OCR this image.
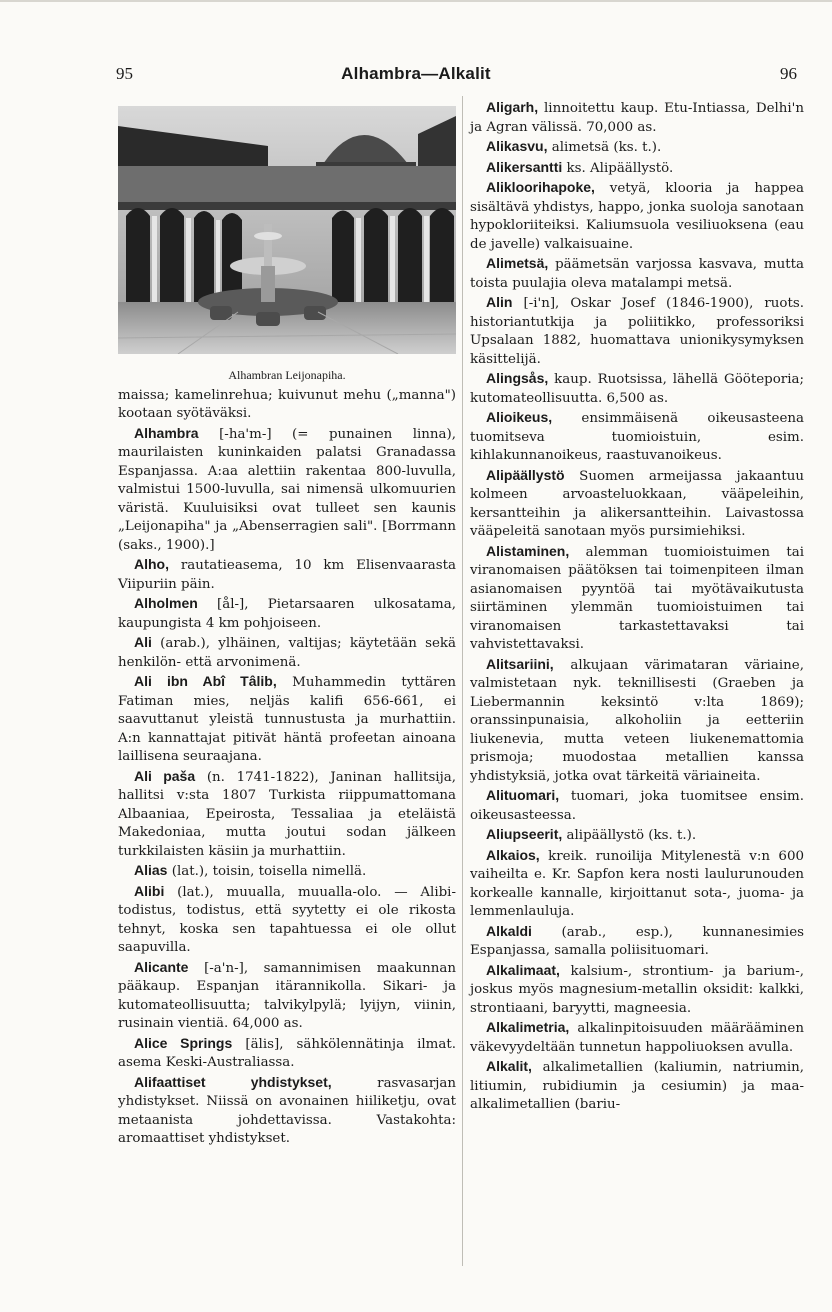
95	Alhambra—Alkalit	96
Alhambran Leijonapiha.

maissa; kamelinrehua; kuivunut mehu („manna") kootaan syötäväksi.

Alhambra [-ha'm-] (= punainen linna), maurilaisten kuninkaiden palatsi Granadassa Espanjassa. A:aa alettiin rakentaa 800-luvulla, valmistui 1500-luvulla, sai nimensä ulkomuurien väristä. Kuuluisiksi ovat tulleet sen kaunis „Leijonapiha" ja „Abenserragien sali". [Borrmann (saks., 1900).]

Alho, rautatieasema, 10 km Elisenvaarasta Viipuriin päin.

Alholmen [ål-], Pietarsaaren ulkosatama, kaupungista 4 km pohjoiseen.

Ali (arab.), ylhäinen, valtijas; käytetään sekä henkilön- että arvonimenä.

Ali ibn Abî Tâlib, Muhammedin tyttären Fatiman mies, neljäs kalifi 656-661, ei saavuttanut yleistä tunnustusta ja murhattiin. A:n kannattajat pitivät häntä profeetan ainoana laillisena seuraajana.

Ali paša (n. 1741-1822), Janinan hallitsija, hallitsi v:sta 1807 Turkista riippumattomana Albaaniaa, Epeirosta, Tessaliaa ja eteläistä Makedoniaa, mutta joutui sodan jälkeen turkkilaisten käsiin ja murhattiin.

Alias (lat.), toisin, toisella nimellä.

Alibi (lat.), muualla, muualla-olo. — Alibi-todistus, todistus, että syytetty ei ole rikosta tehnyt, koska sen tapahtuessa ei ole ollut saapuvilla.

Alicante [-a'n-], samannimisen maakunnan pääkaup. Espanjan itärannikolla. Sikari- ja kutomateollisuutta; talvikylpylä; lyijyn, viinin, rusinain vientiä. 64,000 as.

Alice Springs [älis], sähkölennätinja ilmat. asema Keski-Australiassa.

Alifaattiset yhdistykset,	rasvasarjan yhdistykset. Niissä on avonainen hiiliketju, ovat metaanista johdettavissa. Vastakohta: aromaattiset yhdistykset.

Aligarh, linnoitettu kaup. Etu-Intiassa, Delhi'n ja Agran välissä. 70,000 as.

Alikasvu, alimetsä (ks. t.).

Alikersantti ks. Alipäällystö.

Alikloorihapoke, vetyä, klooria ja happea sisältävä yhdistys, happo, jonka suoloja sanotaan hypokloriiteiksi. Kaliumsuola vesiliuoksena (eau de javelle) valkaisuaine.

Alimetsä, päämetsän varjossa kasvava, mutta toista puulajia oleva matalampi metsä.

Alin [-i'n], Oskar Josef (1846-1900), ruots. historiantutkija ja poliitikko, professoriksi Upsalaan 1882, huomattava unionikysymyksen käsittelijä.

Alingsås, kaup. Ruotsissa, lähellä Gööteporia; kutomateollisuutta. 6,500 as.

Alioikeus, ensimmäisenä oikeusasteena tuomitseva tuomioistuin, esim. kihlakunnanoikeus, raastuvanoikeus.

Alipäällystö Suomen armeijassa jakaantuu kolmeen arvoasteluokkaan, vääpeleihin, kersantteihin ja alikersantteihin. Laivastossa vääpeleitä sanotaan myös pursimiehiksi.

Alistaminen, alemman tuomioistuimen tai viranomaisen päätöksen tai toimenpiteen ilman asianomaisen pyyntöä tai myötävaikutusta siirtäminen ylemmän tuomioistuimen tai viranomaisen tarkastettavaksi tai vahvistettavaksi.

Alitsariini, alkujaan värimataran väriaine, valmistetaan nyk. teknillisesti (Graeben ja Liebermannin keksintö v:lta 1869); oranssinpunaisia, alkoholiin ja eetteriin liukenevia, mutta veteen liukenemattomia prismoja; muodostaa metallien kanssa yhdistyksiä, jotka ovat tärkeitä väriaineita.

Alituomari, tuomari, joka tuomitsee ensim. oikeusasteessa.

Aliupseerit, alipäällystö (ks. t.).

Alkaios, kreik. runoilija Mitylenestä v:n 600 vaiheilta e. Kr. Sapfon kera nosti laulurunouden korkealle kannalle, kirjoittanut sota-, juoma- ja lemmenlauluja.

Alkaldi (arab., esp.), kunnanesimies Espanjassa, samalla poliisituomari.

Alkalimaat, kalsium-, strontium- ja barium-, joskus myös magnesium-metallin oksidit: kalkki, strontiaani, baryytti, magneesia.

Alkalimetria, alkalinpitoisuuden määrääminen väkevyydeltään tunnetun happoliuoksen avulla.

Alkalit, alkalimetallien (kaliumin, natriumin, litiumin, rubidiumin ja cesiumin) ja maa-alkalimetallien (bariu-
